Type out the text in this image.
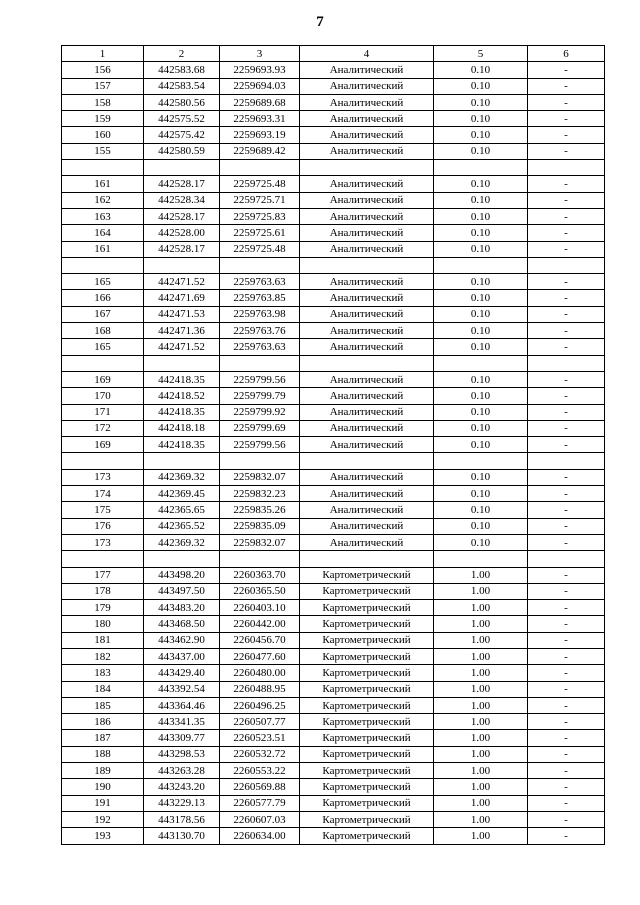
7
1	2	3	4	5	6
156	442583.68	2259693.93	Аналитический	0.10	-
157	442583.54	2259694.03	Аналитический	0.10	-
158	442580.56	2259689.68	Аналитический	0.10	-
159	442575.52	2259693.31	Аналитический	0.10	-
160	442575.42	2259693.19	Аналитический	0.10	-
155	442580.59	2259689.42	Аналитический	0.10	-

161	442528.17	2259725.48	Аналитический	0.10	-
162	442528.34	2259725.71	Аналитический	0.10	-
163	442528.17	2259725.83	Аналитический	0.10	-
164	442528.00	2259725.61	Аналитический	0.10	-
161	442528.17	2259725.48	Аналитический	0.10	-

165	442471.52	2259763.63	Аналитический	0.10	-
166	442471.69	2259763.85	Аналитический	0.10	-
167	442471.53	2259763.98	Аналитический	0.10	-
168	442471.36	2259763.76	Аналитический	0.10	-
165	442471.52	2259763.63	Аналитический	0.10	-

169	442418.35	2259799.56	Аналитический	0.10	-
170	442418.52	2259799.79	Аналитический	0.10	-
171	442418.35	2259799.92	Аналитический	0.10	-
172	442418.18	2259799.69	Аналитический	0.10	-
169	442418.35	2259799.56	Аналитический	0.10	-

173	442369.32	2259832.07	Аналитический	0.10	-
174	442369.45	2259832.23	Аналитический	0.10	-
175	442365.65	2259835.26	Аналитический	0.10	-
176	442365.52	2259835.09	Аналитический	0.10	-
173	442369.32	2259832.07	Аналитический	0.10	-

177	443498.20	2260363.70	Картометрический	1.00	-
178	443497.50	2260365.50	Картометрический	1.00	-
179	443483.20	2260403.10	Картометрический	1.00	-
180	443468.50	2260442.00	Картометрический	1.00	-
181	443462.90	2260456.70	Картометрический	1.00	-
182	443437.00	2260477.60	Картометрический	1.00	-
183	443429.40	2260480.00	Картометрический	1.00	-
184	443392.54	2260488.95	Картометрический	1.00	-
185	443364.46	2260496.25	Картометрический	1.00	-
186	443341.35	2260507.77	Картометрический	1.00	-
187	443309.77	2260523.51	Картометрический	1.00	-
188	443298.53	2260532.72	Картометрический	1.00	-
189	443263.28	2260553.22	Картометрический	1.00	-
190	443243.20	2260569.88	Картометрический	1.00	-
191	443229.13	2260577.79	Картометрический	1.00	-
192	443178.56	2260607.03	Картометрический	1.00	-
193	443130.70	2260634.00	Картометрический	1.00	-
